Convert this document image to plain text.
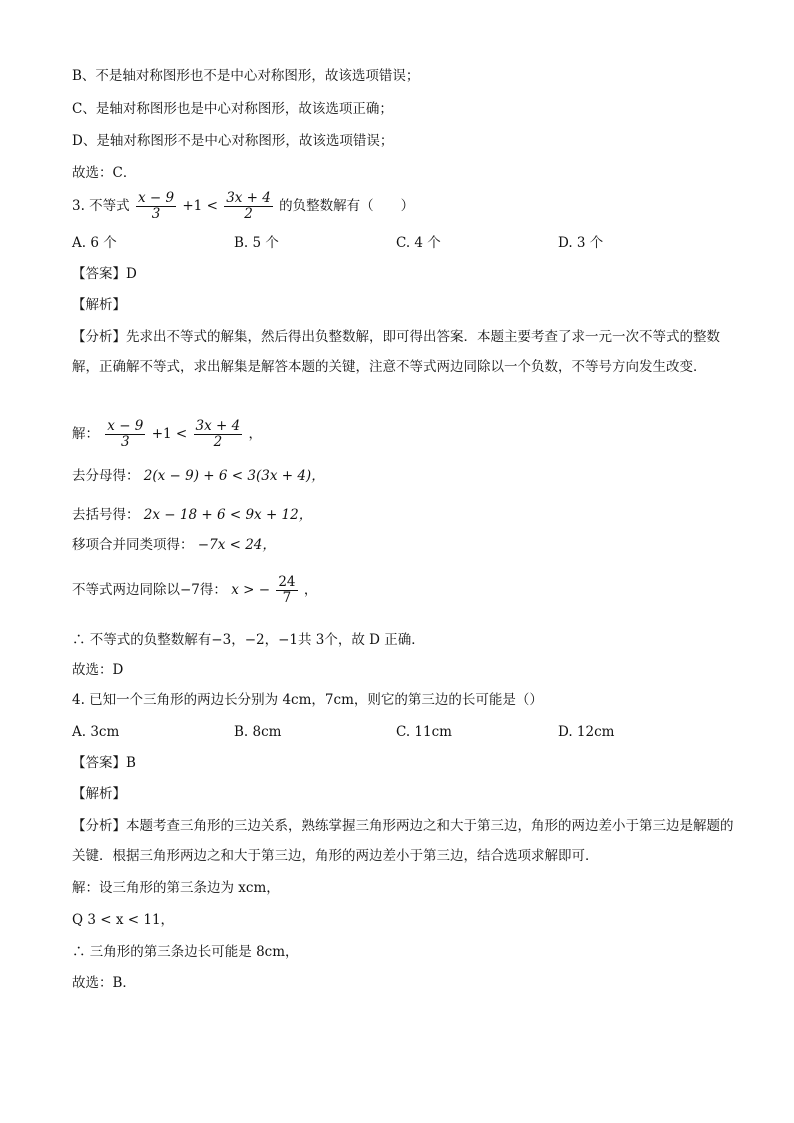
B、不是轴对称图形也不是中心对称图形，故该选项错误；
C、是轴对称图形也是中心对称图形，故该选项正确；
D、是轴对称图形不是中心对称图形，故该选项错误；
故选：C．
3. 不等式 $\frac{x - 9}{3} +1 < \frac{3x + 4}{2}$ 的负整数解有（　　）
A. 6 个	B. 5 个	C. 4 个	D. 3 个
【答案】D
【解析】
【分析】先求出不等式的解集，然后得出负整数解，即可得出答案．本题主要考查了求一元一次不等式的整数解，正确解不等式，求出解集是解答本题的关键，注意不等式两边同除以一个负数，不等号方向发生改变．
解： $\frac{x - 9}{3} +1 < \frac{3x + 4}{2}$ ，
去分母得： 2(x − 9) + 6 < 3(3x + 4)，
去括号得： 2x − 18 + 6 < 9x + 12，
移项合并同类项得： −7x < 24，
不等式两边同除以−7得： x > − $\frac{24}{7}$ ，
∴ 不等式的负整数解有−3，−2，−1共 3个，故 D 正确．
故选：D
4. 已知一个三角形的两边长分别为 4cm，7cm，则它的第三边的长可能是（）
A. 3cm	B. 8cm	C. 11cm	D. 12cm
【答案】B
【解析】
【分析】本题考查三角形的三边关系，熟练掌握三角形两边之和大于第三边，角形的两边差小于第三边是解题的关键．根据三角形两边之和大于第三边，角形的两边差小于第三边，结合选项求解即可．
解：设三角形的第三条边为 xcm，
Q 3 < x < 11，
∴ 三角形的第三条边长可能是 8cm，
故选：B．
